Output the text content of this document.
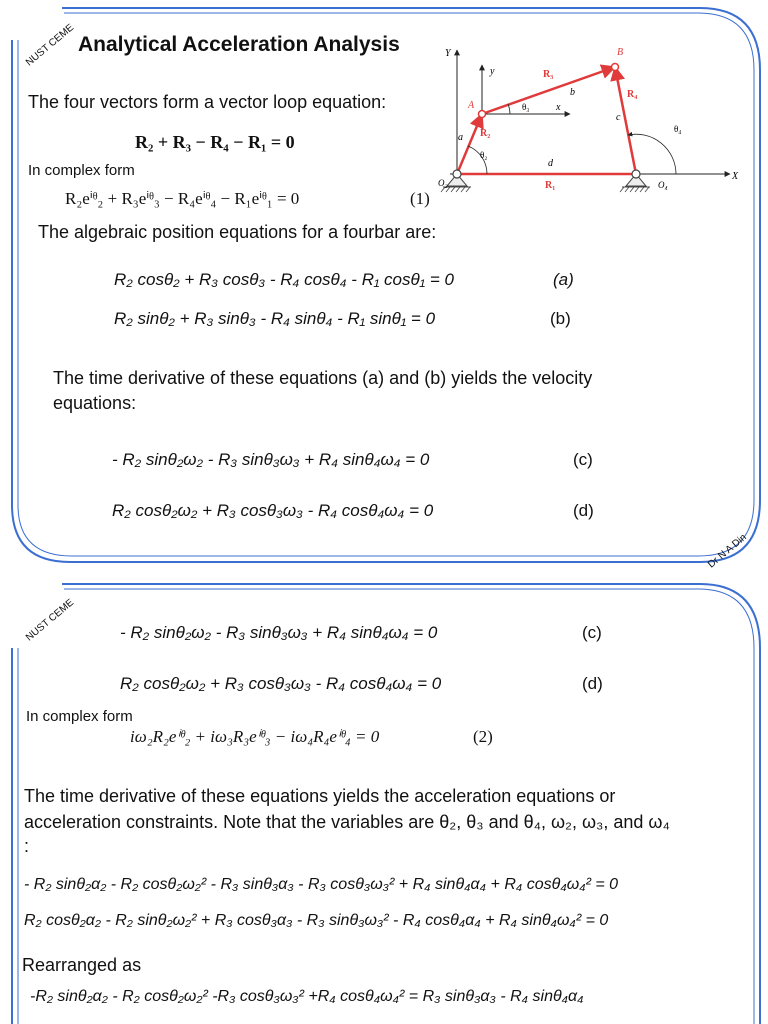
NUST CEME Analytical Acceleration Analysis
The four vectors form a vector loop equation:
R₂ + R₃ − R₄ − R₁ = 0
In complex form
R₂eⁱᶿ₂ + R₃eⁱᶿ₃ − R₄eⁱᶿ₄ − R₁eⁱᶿ₁ = 0	(1)
The algebraic position equations for a fourbar are:
R₂ cosθ₂ + R₃ cosθ₃ - R₄ cosθ₄ - R₁ cosθ₁ = 0	(a)
R₂ sinθ₂ + R₃ sinθ₃ - R₄ sinθ₄ - R₁ sinθ₁ = 0	(b)
The time derivative of these equations (a) and (b) yields the velocity
equations:
- R₂ sinθ₂ω₂ - R₃ sinθ₃ω₃ + R₄ sinθ₄ω₄ = 0	(c)
R₂ cosθ₂ω₂ + R₃ cosθ₃ω₃ - R₄ cosθ₄ω₄ = 0	(d)
Dr N A Din
Y
y
x
X
A
B
R₁
R₂
R₃
R₄
a
b
c
d
θ₂
θ₃
θ₄
O₂	O₄
NUST CEME	- R₂ sinθ₂ω₂ - R₃ sinθ₃ω₃ + R₄ sinθ₄ω₄ = 0	(c)
R₂ cosθ₂ω₂ + R₃ cosθ₃ω₃ - R₄ cosθ₄ω₄ = 0	(d)
In complex form
iω₂R₂eⁱᶿ₂ + iω₃R₃eⁱᶿ₃ − iω₄R₄eⁱᶿ₄ = 0	(2)
The time derivative of these equations yields the acceleration equations or
acceleration constraints. Note that the variables are θ₂, θ₃ and θ₄, ω₂, ω₃, and ω₄
:
- R₂ sinθ₂α₂ - R₂ cosθ₂ω₂² - R₃ sinθ₃α₃ - R₃ cosθ₃ω₃² + R₄ sinθ₄α₄ + R₄ cosθ₄ω₄² = 0
R₂ cosθ₂α₂ - R₂ sinθ₂ω₂² + R₃ cosθ₃α₃ - R₃ sinθ₃ω₃² - R₄ cosθ₄α₄ + R₄ sinθ₄ω₄² = 0
Rearranged as
-R₂ sinθ₂α₂ - R₂ cosθ₂ω₂² -R₃ cosθ₃ω₃² +R₄ cosθ₄ω₄² = R₃ sinθ₃α₃ - R₄ sinθ₄α₄
